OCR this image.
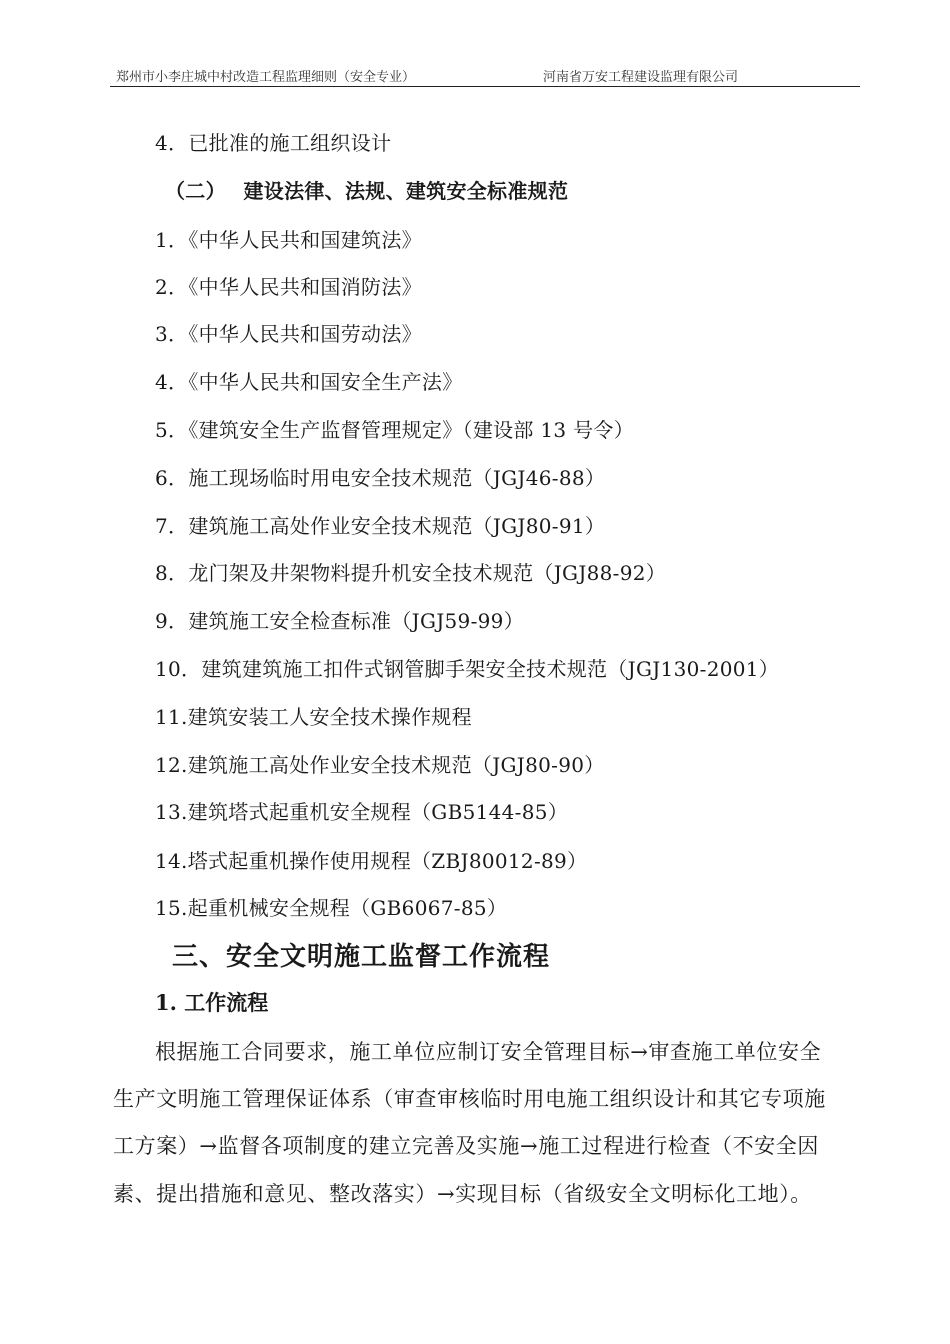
郑州市小李庄城中村改造工程监理细则（安全专业）	河南省万安工程建设监理有限公司
4．已批准的施工组织设计
（二）　 建设法律、法规、建筑安全标准规范
1．《中华人民共和国建筑法》
2．《中华人民共和国消防法》
3．《中华人民共和国劳动法》
4．《中华人民共和国安全生产法》
5．《建筑安全生产监督管理规定》（建设部 13 号令）
6．施工现场临时用电安全技术规范（JGJ46-88）
7．建筑施工高处作业安全技术规范（JGJ80-91）
8．龙门架及井架物料提升机安全技术规范（JGJ88-92）
9．建筑施工安全检查标准（JGJ59-99）
10．建筑建筑施工扣件式钢管脚手架安全技术规范（JGJ130-2001）
11.建筑安装工人安全技术操作规程
12.建筑施工高处作业安全技术规范（JGJ80-90）
13.建筑塔式起重机安全规程（GB5144-85）
14.塔式起重机操作使用规程（ZBJ80012-89）
15.起重机械安全规程（GB6067-85）
三、安全文明施工监督工作流程
1. 工作流程
根据施工合同要求，施工单位应制订安全管理目标→审查施工单位安全
生产文明施工管理保证体系（审查审核临时用电施工组织设计和其它专项施
工方案）→监督各项制度的建立完善及实施→施工过程进行检查（不安全因
素、提出措施和意见、整改落实）→实现目标（省级安全文明标化工地）。
